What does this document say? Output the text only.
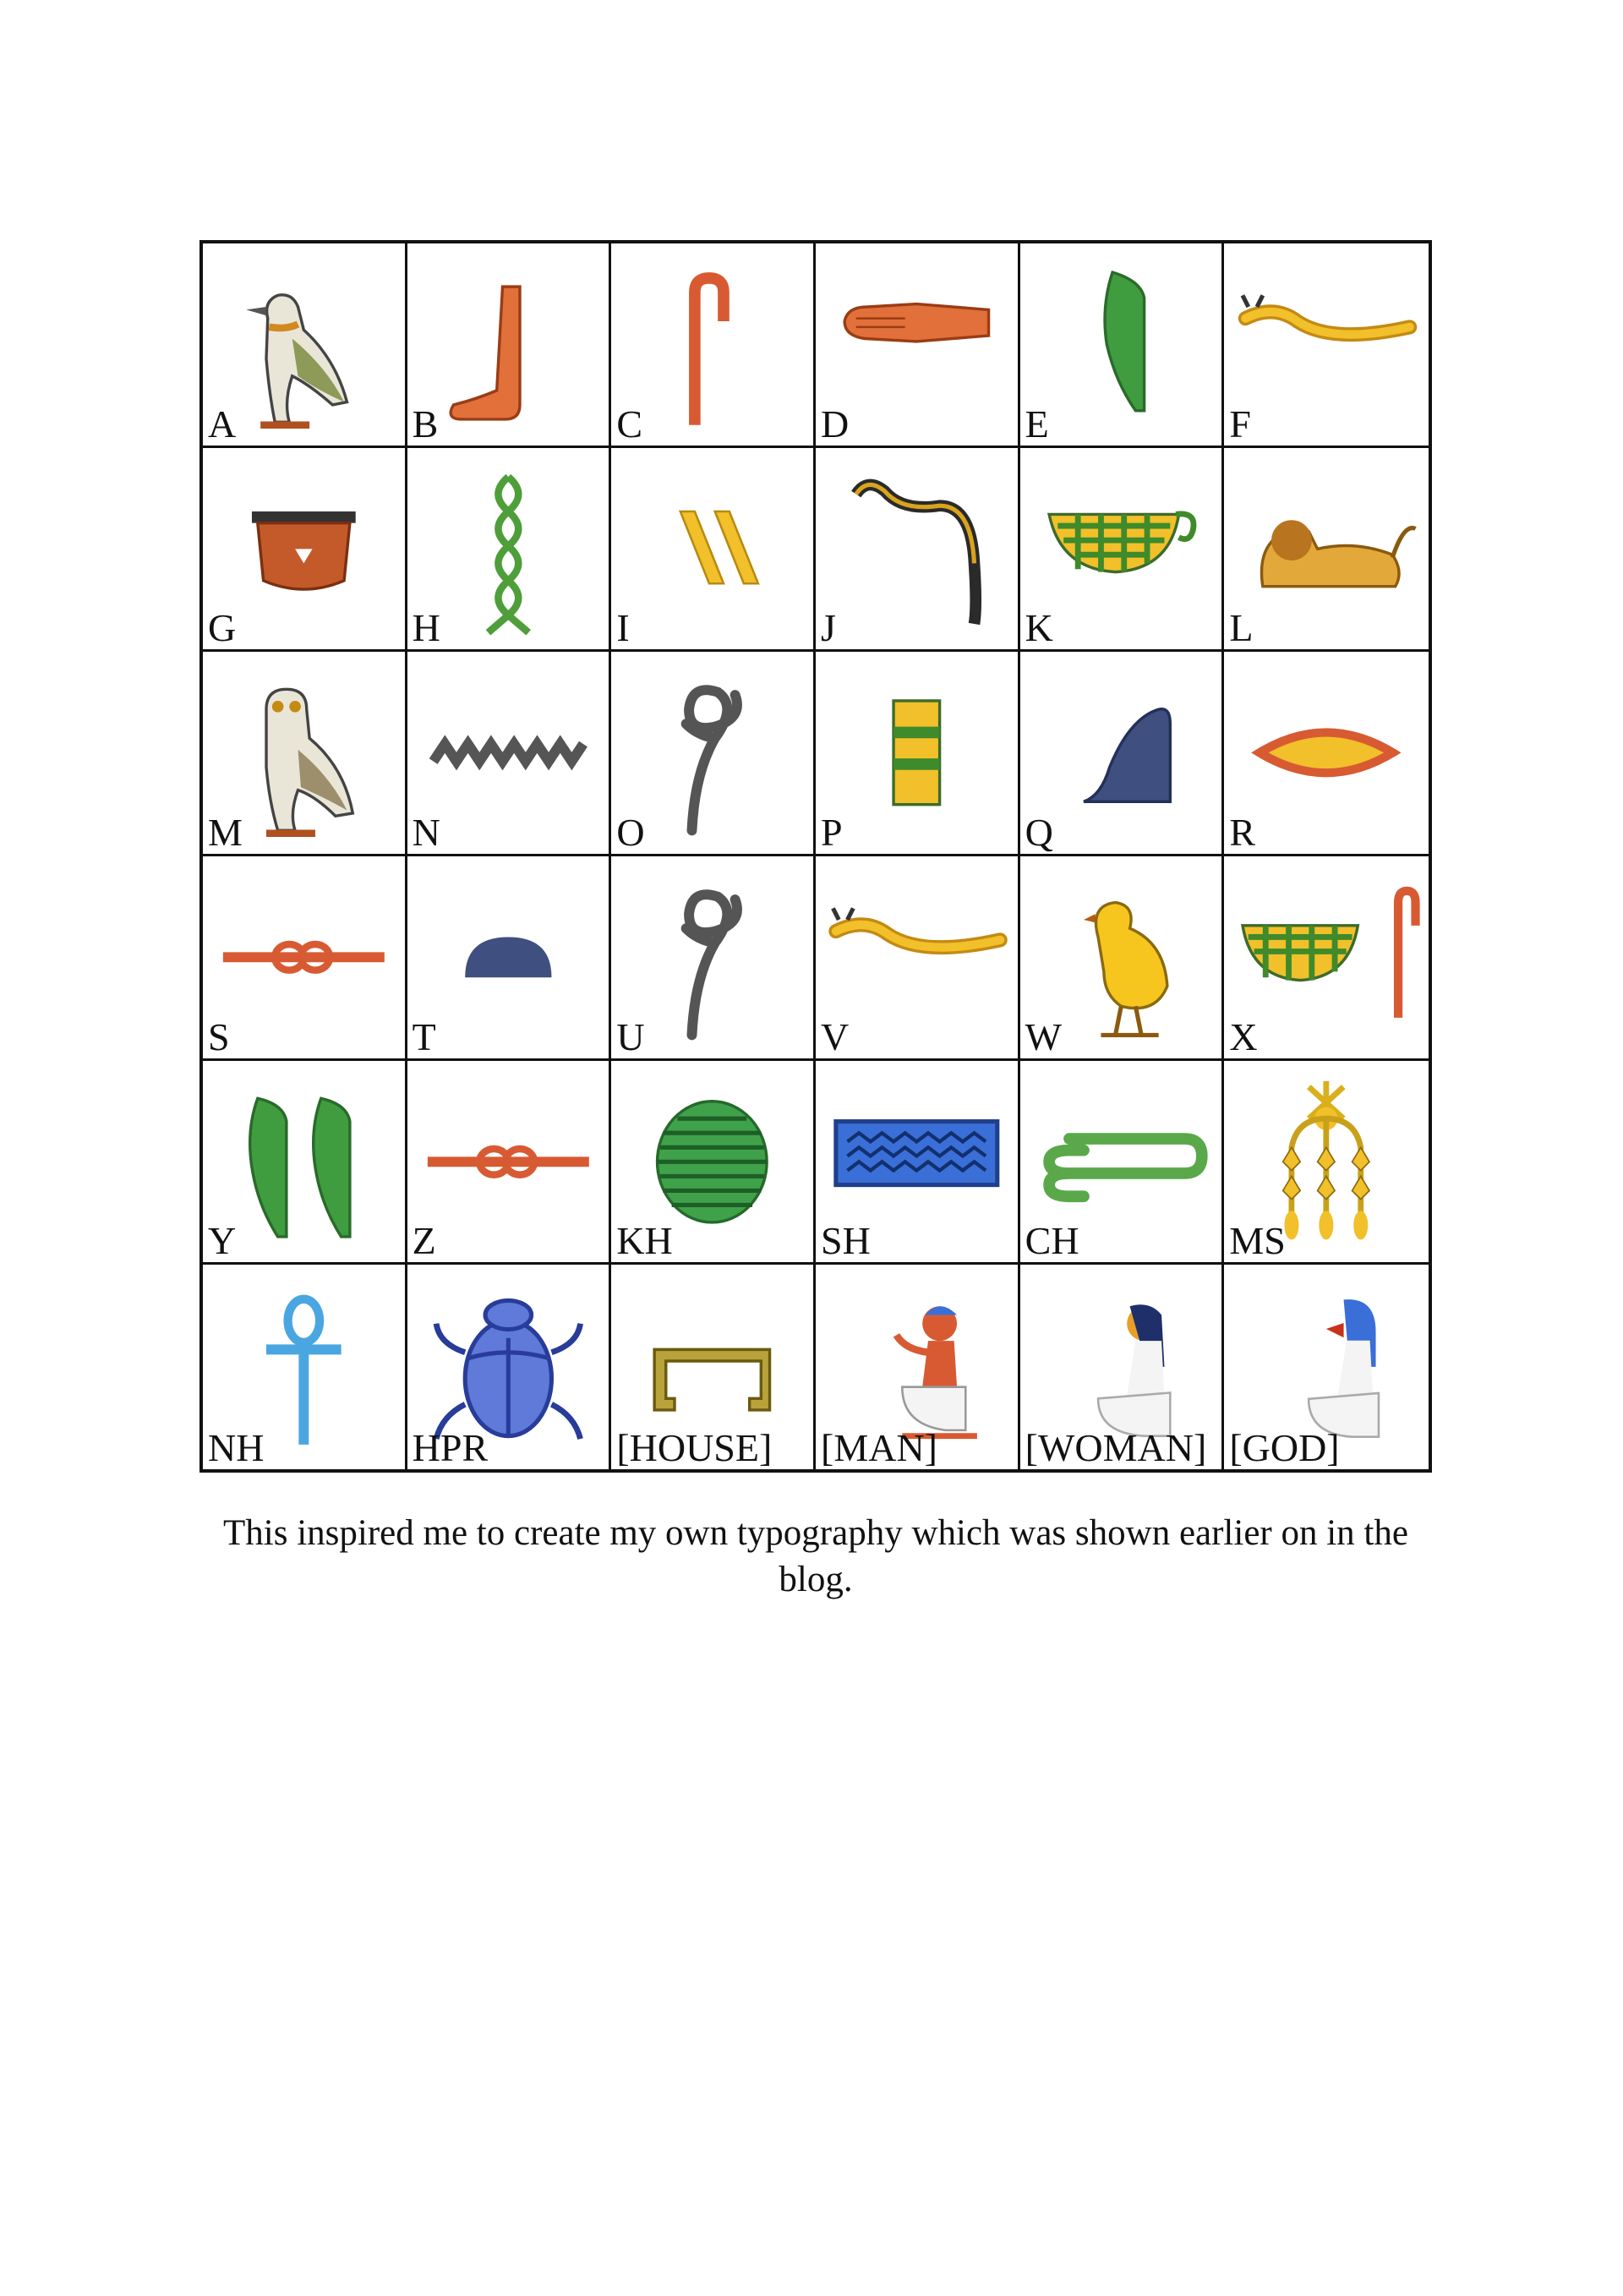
A	B	C	D	E	F
G	H	I	J	K	L
M	N	O	P	Q	R
S	T	U	V	W	X
Y	Z	KH	SH	CH	MS
NH	HPR	[HOUSE] [MAN] [WOMAN] [GOD]
This inspired me to create my own typography which was shown earlier on in the blog.
